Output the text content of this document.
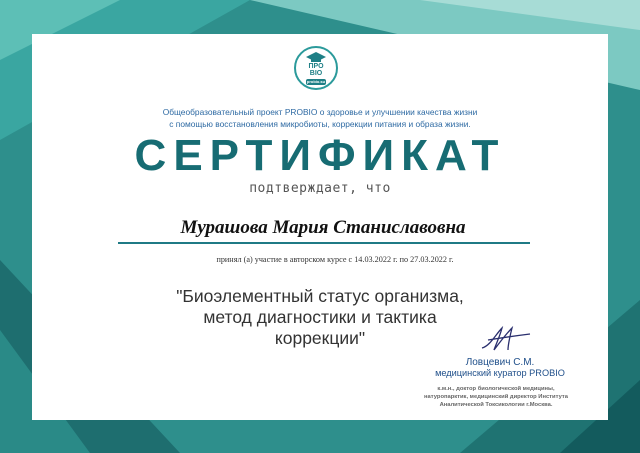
ПРО
BIO
probio.su
Общеобразовательный проект PROBIO о здоровье и улучшении качества жизни
с помощью восстановления микробиоты, коррекции питания и образа жизни.
СЕРТИФИКАТ
подтверждает, что
Мурашова Мария Станиславовна
принял (а) участие в авторском курсе с 14.03.2022 г. по 27.03.2022 г.
"Биоэлементный статус организма,
метод диагностики и тактика
коррекции"
Ловцевич С.М.
медицинский куратор PROBIO
к.м.н., доктор биологической медицины,
натуропарктик, медицинский директор Института
Аналитической Токсикологии г.Москва.
